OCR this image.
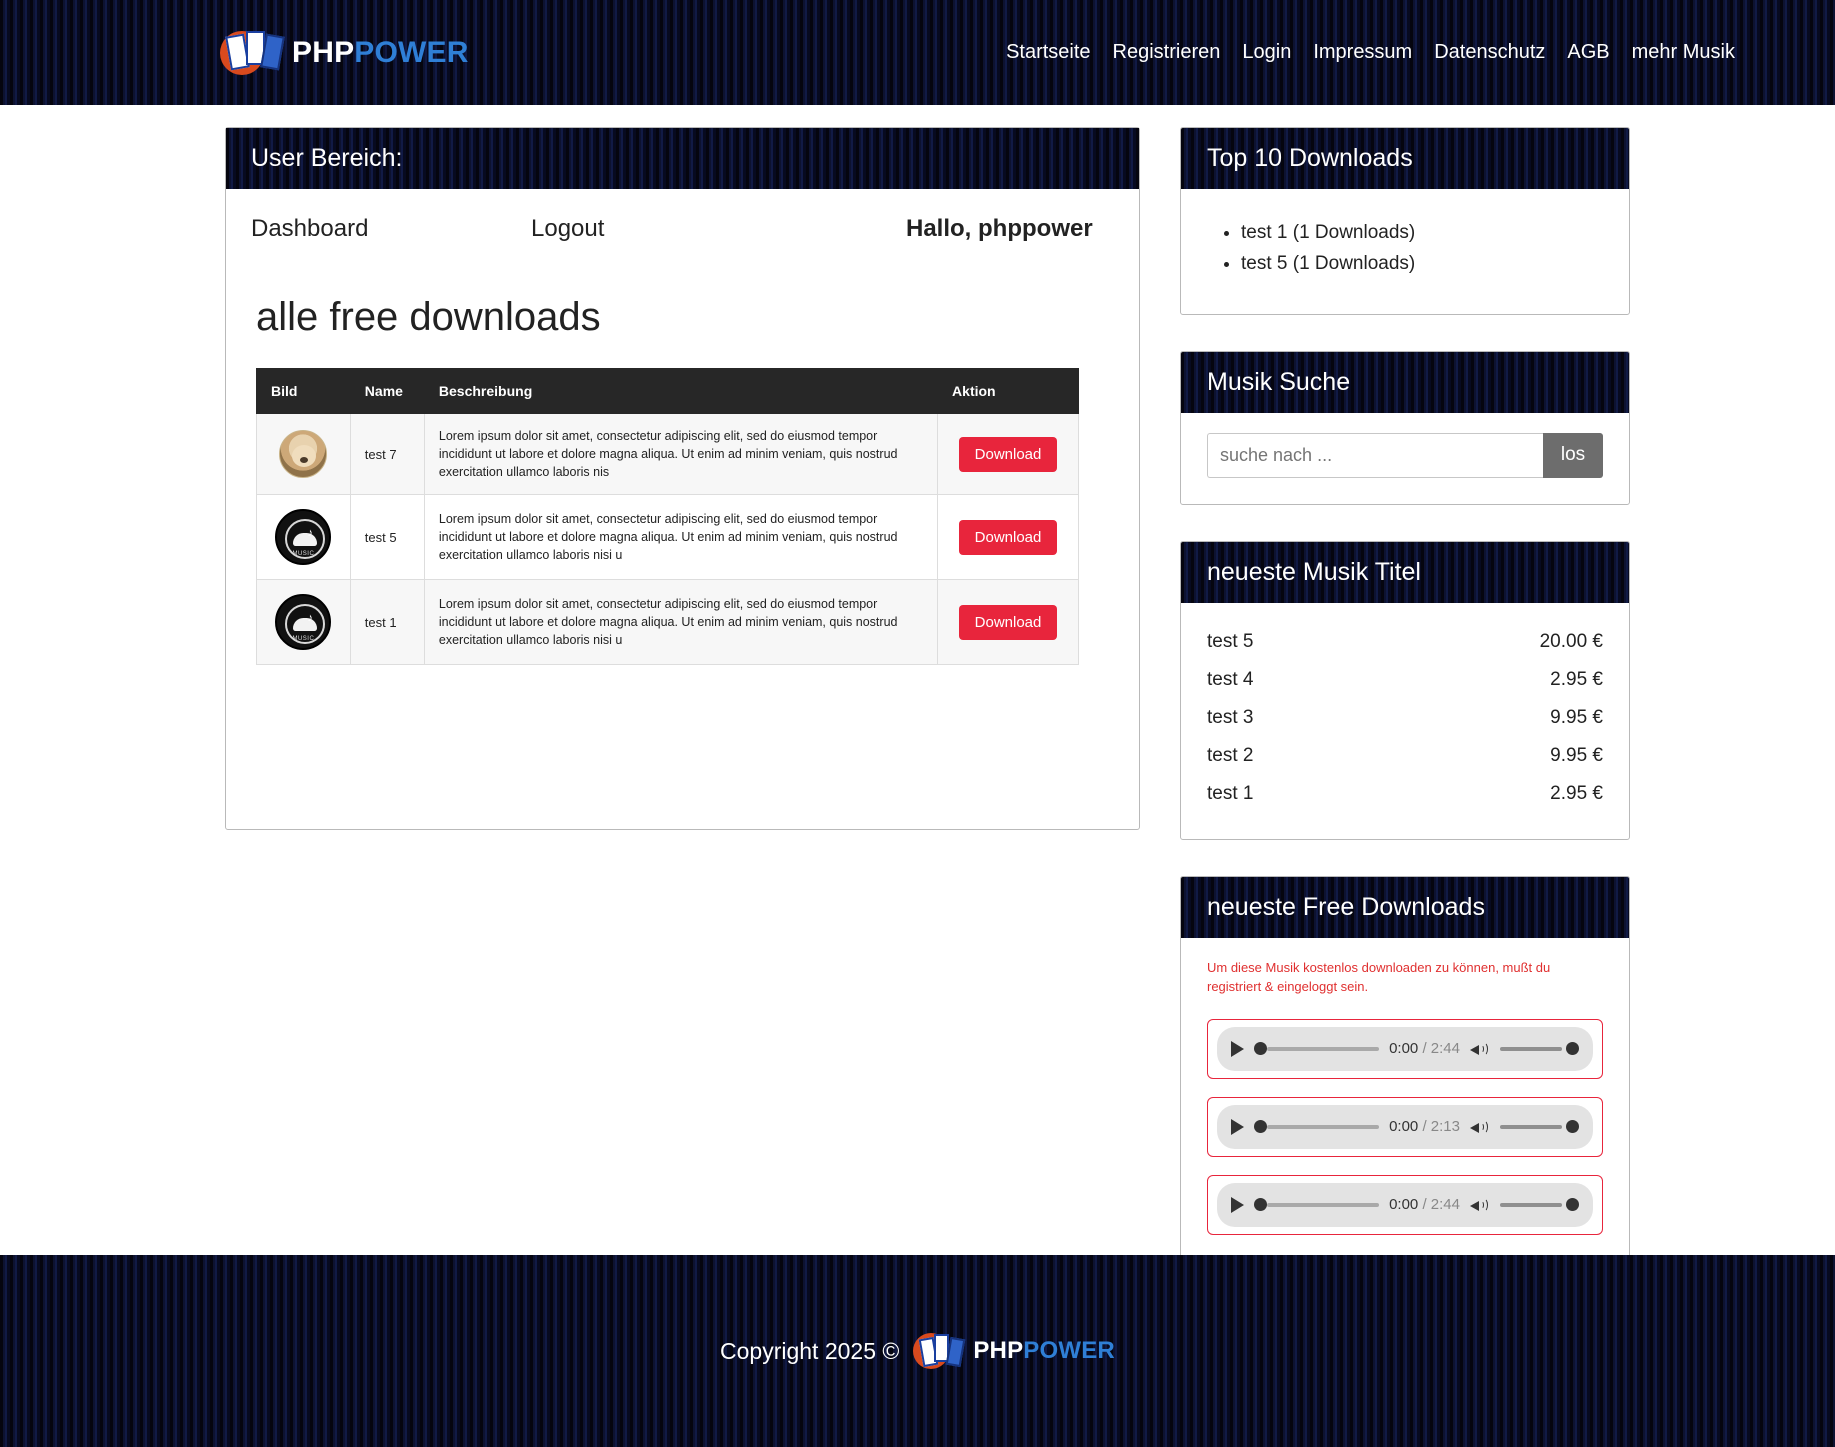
PHPPOWER	Startseite Registrieren Login Impressum Datenschutz AGB mehr Musik
User Bereich:
Dashboard	Logout	Hallo, phppower
alle free downloads
Bild	Name	Beschreibung	Aktion

	test 7	Lorem ipsum dolor sit amet, consectetur adipiscing elit, sed do eiusmod tempor incididunt ut labore et dolore magna aliqua. Ut enim ad minim veniam, quis nostrud exercitation ullamco laboris nis	Download

♪
MUSIC	test 5	Lorem ipsum dolor sit amet, consectetur adipiscing elit, sed do eiusmod tempor incididunt ut labore et dolore magna aliqua. Ut enim ad minim veniam, quis nostrud exercitation ullamco laboris nisi u	Download

♪
MUSIC	test 1	Lorem ipsum dolor sit amet, consectetur adipiscing elit, sed do eiusmod tempor incididunt ut labore et dolore magna aliqua. Ut enim ad minim veniam, quis nostrud exercitation ullamco laboris nisi u	Download
Top 10 Downloads
• test 1 (1 Downloads)
• test 5 (1 Downloads)
Musik Suche
suche nach ...
los
neueste Musik Titel
test 5	20.00 €
test 4	2.95 €
test 3	9.95 €
test 2	9.95 €
test 1	2.95 €
neueste Free Downloads

Um diese Musik kostenlos downloaden zu können, mußt du registriert & eingeloggt sein.

0:00 / 2:44
0:00 / 2:13
0:00 / 2:44
Copyright 2025 ©	PHPPOWER
